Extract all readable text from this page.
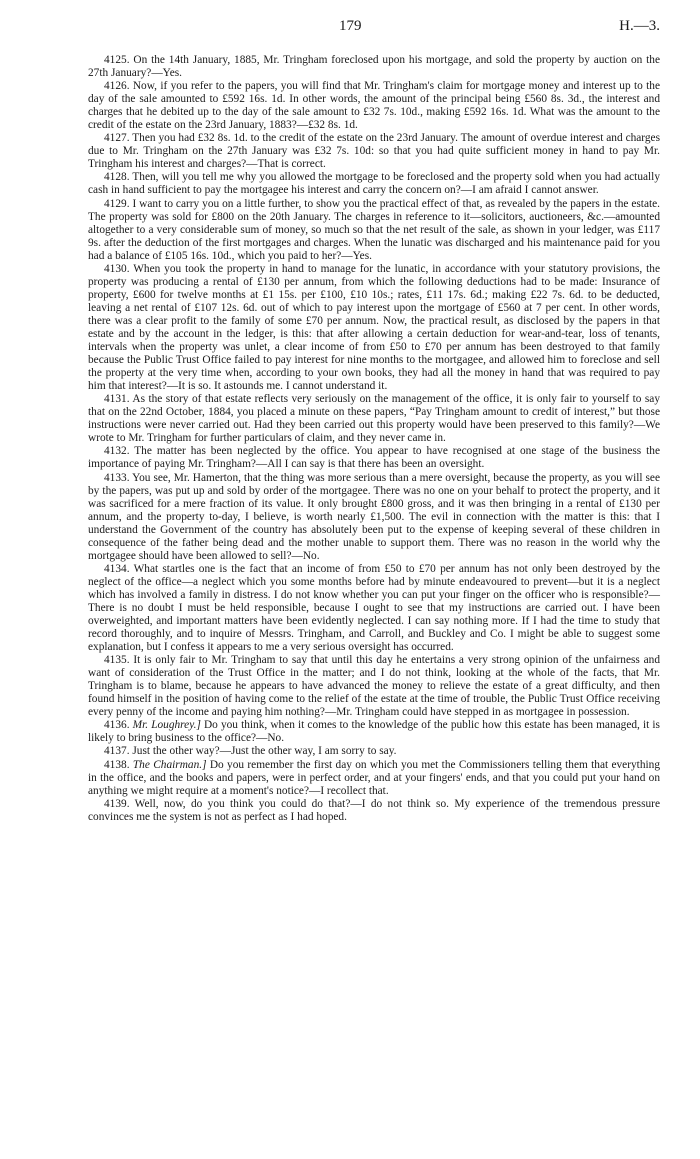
179	H.—3.

4125. On the 14th January, 1885, Mr. Tringham foreclosed upon his mortgage, and sold the property by auction on the 27th January?—Yes.

4126. Now, if you refer to the papers, you will find that Mr. Tringham's claim for mortgage money and interest up to the day of the sale amounted to £592 16s. 1d. In other words, the amount of the principal being £560 8s. 3d., the interest and charges that he debited up to the day of the sale amount to £32 7s. 10d., making £592 16s. 1d. What was the amount to the credit of the estate on the 23rd January, 1883?—£32 8s. 1d.

4127. Then you had £32 8s. 1d. to the credit of the estate on the 23rd January. The amount of overdue interest and charges due to Mr. Tringham on the 27th January was £32 7s. 10d: so that you had quite sufficient money in hand to pay Mr. Tringham his interest and charges?—That is correct.

4128. Then, will you tell me why you allowed the mortgage to be foreclosed and the property sold when you had actually cash in hand sufficient to pay the mortgagee his interest and carry the concern on?—I am afraid I cannot answer.

4129. I want to carry you on a little further, to show you the practical effect of that, as revealed by the papers in the estate. The property was sold for £800 on the 20th January. The charges in reference to it—solicitors, auctioneers, &c.—amounted altogether to a very considerable sum of money, so much so that the net result of the sale, as shown in your ledger, was £117 9s. after the deduction of the first mortgages and charges. When the lunatic was discharged and his maintenance paid for you had a balance of £105 16s. 10d., which you paid to her?—Yes.

4130. When you took the property in hand to manage for the lunatic, in accordance with your statutory provisions, the property was producing a rental of £130 per annum, from which the following deductions had to be made: Insurance of property, £600 for twelve months at £1 15s. per £100, £10 10s.; rates, £11 17s. 6d.; making £22 7s. 6d. to be deducted, leaving a net rental of £107 12s. 6d. out of which to pay interest upon the mortgage of £560 at 7 per cent. In other words, there was a clear profit to the family of some £70 per annum. Now, the practical result, as disclosed by the papers in that estate and by the account in the ledger, is this: that after allowing a certain deduction for wear-and-tear, loss of tenants, intervals when the property was unlet, a clear income of from £50 to £70 per annum has been destroyed to that family because the Public Trust Office failed to pay interest for nine months to the mortgagee, and allowed him to foreclose and sell the property at the very time when, according to your own books, they had all the money in hand that was required to pay him that interest?—It is so. It astounds me. I cannot understand it.

4131. As the story of that estate reflects very seriously on the management of the office, it is only fair to yourself to say that on the 22nd October, 1884, you placed a minute on these papers, “Pay Tringham amount to credit of interest,” but those instructions were never carried out. Had they been carried out this property would have been preserved to this family?—We wrote to Mr. Tringham for further particulars of claim, and they never came in.

4132. The matter has been neglected by the office. You appear to have recognised at one stage of the business the importance of paying Mr. Tringham?—All I can say is that there has been an oversight.

4133. You see, Mr. Hamerton, that the thing was more serious than a mere oversight, because the property, as you will see by the papers, was put up and sold by order of the mortgagee. There was no one on your behalf to protect the property, and it was sacrificed for a mere fraction of its value. It only brought £800 gross, and it was then bringing in a rental of £130 per annum, and the property to-day, I believe, is worth nearly £1,500. The evil in connection with the matter is this: that I understand the Government of the country has absolutely been put to the expense of keeping several of these children in consequence of the father being dead and the mother unable to support them. There was no reason in the world why the mortgagee should have been allowed to sell?—No.

4134. What startles one is the fact that an income of from £50 to £70 per annum has not only been destroyed by the neglect of the office—a neglect which you some months before had by minute endeavoured to prevent—but it is a neglect which has involved a family in distress. I do not know whether you can put your finger on the officer who is responsible?—There is no doubt I must be held responsible, because I ought to see that my instructions are carried out. I have been overweighted, and important matters have been evidently neglected. I can say nothing more. If I had the time to study that record thoroughly, and to inquire of Messrs. Tringham, and Carroll, and Buckley and Co. I might be able to suggest some explanation, but I confess it appears to me a very serious oversight has occurred.

4135. It is only fair to Mr. Tringham to say that until this day he entertains a very strong opinion of the unfairness and want of consideration of the Trust Office in the matter; and I do not think, looking at the whole of the facts, that Mr. Tringham is to blame, because he appears to have advanced the money to relieve the estate of a great difficulty, and then found himself in the position of having come to the relief of the estate at the time of trouble, the Public Trust Office receiving every penny of the income and paying him nothing?—Mr. Tringham could have stepped in as mortgagee in possession.

4136. Mr. Loughrey.] Do you think, when it comes to the knowledge of the public how this estate has been managed, it is likely to bring business to the office?—No.

4137. Just the other way?—Just the other way, I am sorry to say.

4138. The Chairman.] Do you remember the first day on which you met the Commissioners telling them that everything in the office, and the books and papers, were in perfect order, and at your fingers' ends, and that you could put your hand on anything we might require at a moment's notice?—I recollect that.

4139. Well, now, do you think you could do that?—I do not think so. My experience of the tremendous pressure convinces me the system is not as perfect as I had hoped.
